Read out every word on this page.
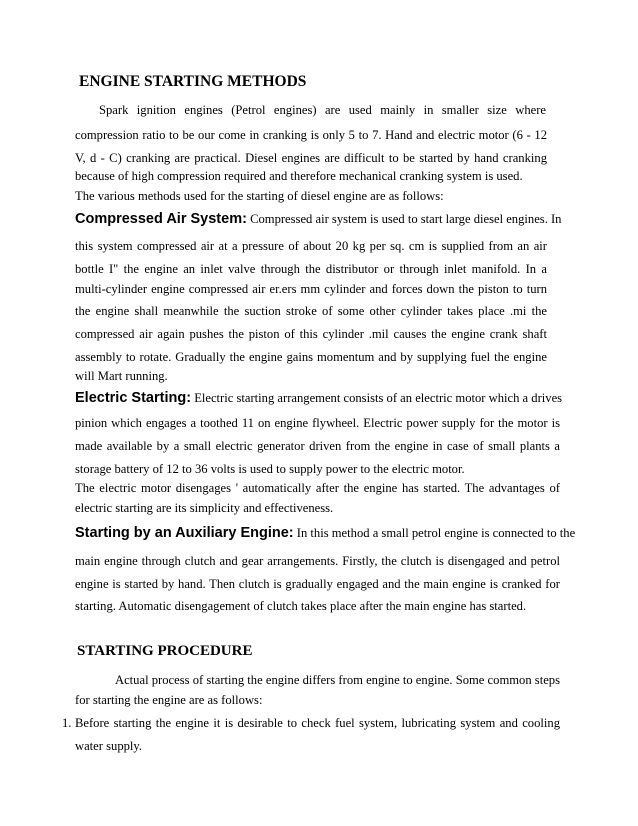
ENGINE STARTING METHODS
Spark ignition engines (Petrol engines) are used mainly in smaller size where
compression ratio to be our come in cranking is only 5 to 7. Hand and electric motor (6 - 12
V, d - C) cranking are practical. Diesel engines are difficult to be started by hand cranking
because of high compression required and therefore mechanical cranking system is used.
The various methods used for the starting of diesel engine are as follows:
Compressed Air System: Compressed air system is used to start large diesel engines. In
this system compressed air at a pressure of about 20 kg per sq. cm is supplied from an air
bottle I" the engine an inlet valve through the distributor or through inlet manifold. In a
multi-cylinder engine compressed air er.ers mm cylinder and forces down the piston to turn
the engine shall meanwhile the suction stroke of some other cylinder takes place .mi the
compressed air again pushes the piston of this cylinder .mil causes the engine crank shaft
assembly to rotate. Gradually the engine gains momentum and by supplying fuel the engine
will Mart running.
Electric Starting: Electric starting arrangement consists of an electric motor which a drives
pinion which engages a toothed 11 on engine flywheel. Electric power supply for the motor is
made available by a small electric generator driven from the engine in case of small plants a
storage battery of 12 to 36 volts is used to supply power to the electric motor.
The electric motor disengages ' automatically after the engine has started. The advantages of
electric starting are its simplicity and effectiveness.
Starting by an Auxiliary Engine: In this method a small petrol engine is connected to the
main engine through clutch and gear arrangements. Firstly, the clutch is disengaged and petrol
engine is started by hand. Then clutch is gradually engaged and the main engine is cranked for
starting. Automatic disengagement of clutch takes place after the main engine has started.
STARTING PROCEDURE
Actual process of starting the engine differs from engine to engine. Some common steps
for starting the engine are as follows:
1. Before starting the engine it is desirable to check fuel system, lubricating system and cooling
water supply.
